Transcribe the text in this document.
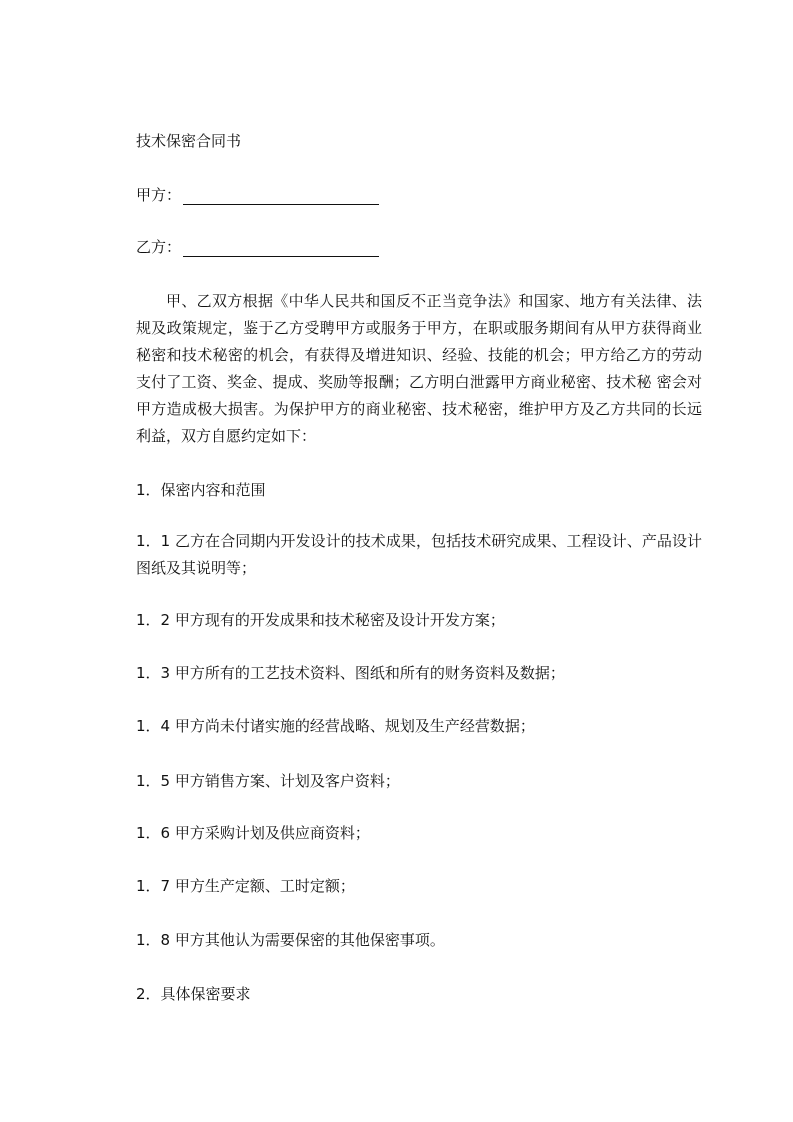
技术保密合同书
甲方：
乙方：
甲、乙双方根据《中华人民共和国反不正当竞争法》和国家、地方有关法律、法规及政策规定，鉴于乙方受聘甲方或服务于甲方，在职或服务期间有从甲方获得商业秘密和技术秘密的机会，有获得及增进知识、经验、技能的机会；甲方给乙方的劳动支付了工资、奖金、提成、奖励等报酬；乙方明白泄露甲方商业秘密、技术秘 密会对甲方造成极大损害。为保护甲方的商业秘密、技术秘密，维护甲方及乙方共同的长远利益，双方自愿约定如下：
1．保密内容和范围
1．1 乙方在合同期内开发设计的技术成果，包括技术研究成果、工程设计、产品设计图纸及其说明等；
1．2 甲方现有的开发成果和技术秘密及设计开发方案；
1．3 甲方所有的工艺技术资料、图纸和所有的财务资料及数据；
1．4 甲方尚未付诸实施的经营战略、规划及生产经营数据；
1．5 甲方销售方案、计划及客户资料；
1．6 甲方采购计划及供应商资料；
1．7 甲方生产定额、工时定额；
1．8 甲方其他认为需要保密的其他保密事项。
2．具体保密要求
